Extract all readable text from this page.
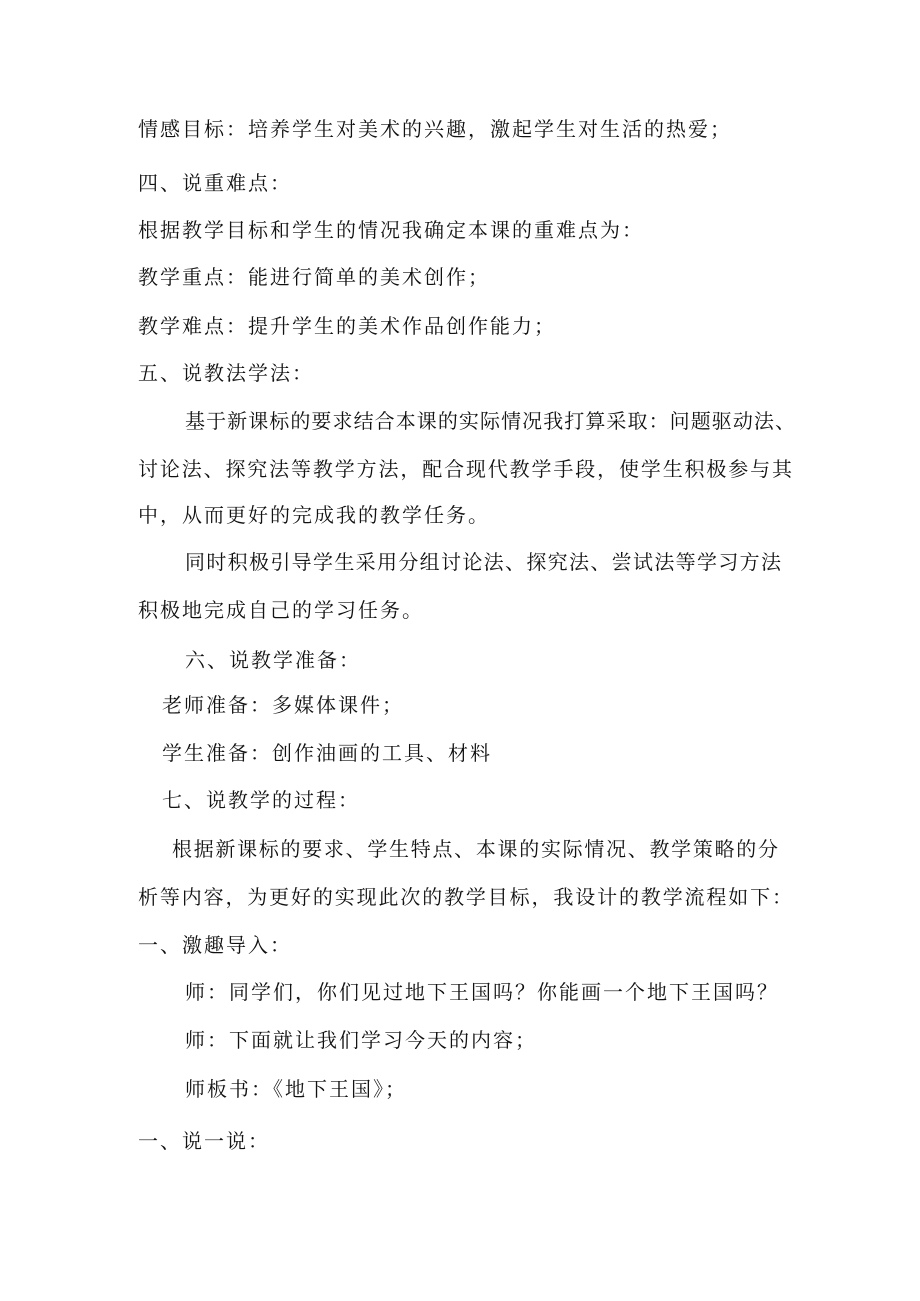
情感目标：培养学生对美术的兴趣，激起学生对生活的热爱；
四、说重难点：
根据教学目标和学生的情况我确定本课的重难点为：
教学重点：能进行简单的美术创作；
教学难点：提升学生的美术作品创作能力；
五、说教法学法：
基于新课标的要求结合本课的实际情况我打算采取：问题驱动法、
讨论法、探究法等教学方法，配合现代教学手段，使学生积极参与其
中，从而更好的完成我的教学任务。
同时积极引导学生采用分组讨论法、探究法、尝试法等学习方法
积极地完成自己的学习任务。
六、说教学准备：
老师准备：多媒体课件；
学生准备：创作油画的工具、材料
七、说教学的过程：
根据新课标的要求、学生特点、本课的实际情况、教学策略的分
析等内容，为更好的实现此次的教学目标，我设计的教学流程如下：
一、激趣导入：
师：同学们，你们见过地下王国吗？你能画一个地下王国吗？
师：下面就让我们学习今天的内容；
师板书：《地下王国》；
一、说一说：
